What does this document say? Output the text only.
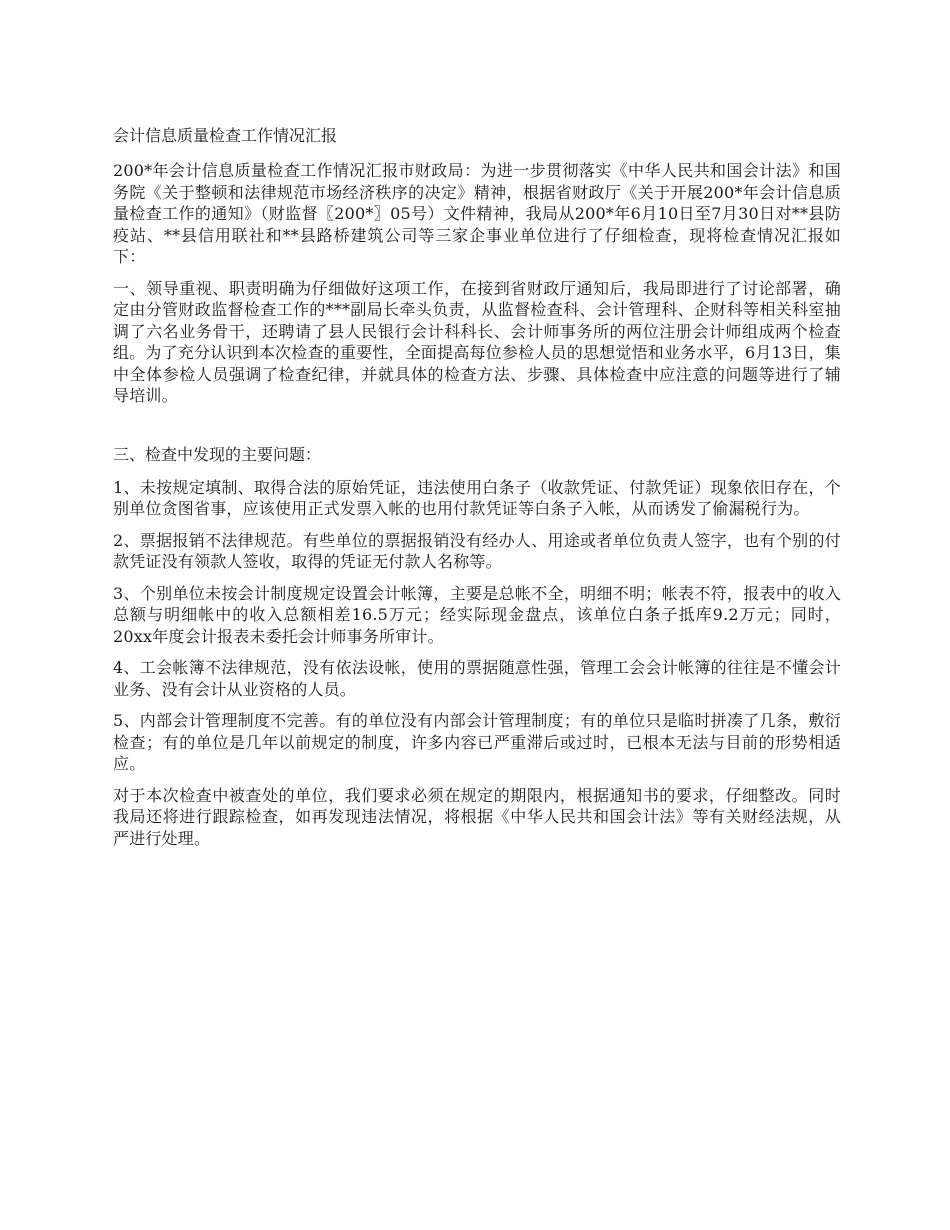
会计信息质量检查工作情况汇报

200*年会计信息质量检查工作情况汇报市财政局：为进一步贯彻落实《中华人民共和国会计法》和国务院《关于整顿和法律规范市场经济秩序的决定》精神，根据省财政厅《关于开展200*年会计信息质量检查工作的通知》（财监督〖200*〗05号）文件精神，我局从200*年6月10日至7月30日对**县防疫站、**县信用联社和**县路桥建筑公司等三家企事业单位进行了仔细检查，现将检查情况汇报如下：

一、领导重视、职责明确为仔细做好这项工作，在接到省财政厅通知后，我局即进行了讨论部署，确定由分管财政监督检查工作的***副局长牵头负责，从监督检查科、会计管理科、企财科等相关科室抽调了六名业务骨干，还聘请了县人民银行会计科科长、会计师事务所的两位注册会计师组成两个检查组。为了充分认识到本次检查的重要性，全面提高每位参检人员的思想觉悟和业务水平，6月13日，集中全体参检人员强调了检查纪律，并就具体的检查方法、步骤、具体检查中应注意的问题等进行了辅导培训。

三、检查中发现的主要问题：

1、未按规定填制、取得合法的原始凭证，违法使用白条子（收款凭证、付款凭证）现象依旧存在，个别单位贪图省事，应该使用正式发票入帐的也用付款凭证等白条子入帐，从而诱发了偷漏税行为。

2、票据报销不法律规范。有些单位的票据报销没有经办人、用途或者单位负责人签字，也有个别的付款凭证没有领款人签收，取得的凭证无付款人名称等。

3、个别单位未按会计制度规定设置会计帐簿，主要是总帐不全，明细不明；帐表不符，报表中的收入总额与明细帐中的收入总额相差16.5万元；经实际现金盘点，该单位白条子抵库9.2万元；同时，20xx年度会计报表未委托会计师事务所审计。

4、工会帐簿不法律规范，没有依法设帐，使用的票据随意性强，管理工会会计帐簿的往往是不懂会计业务、没有会计从业资格的人员。

5、内部会计管理制度不完善。有的单位没有内部会计管理制度；有的单位只是临时拼凑了几条，敷衍检查；有的单位是几年以前规定的制度，许多内容已严重滞后或过时，已根本无法与目前的形势相适应。

对于本次检查中被查处的单位，我们要求必须在规定的期限内，根据通知书的要求，仔细整改。同时我局还将进行跟踪检查，如再发现违法情况，将根据《中华人民共和国会计法》等有关财经法规，从严进行处理。
